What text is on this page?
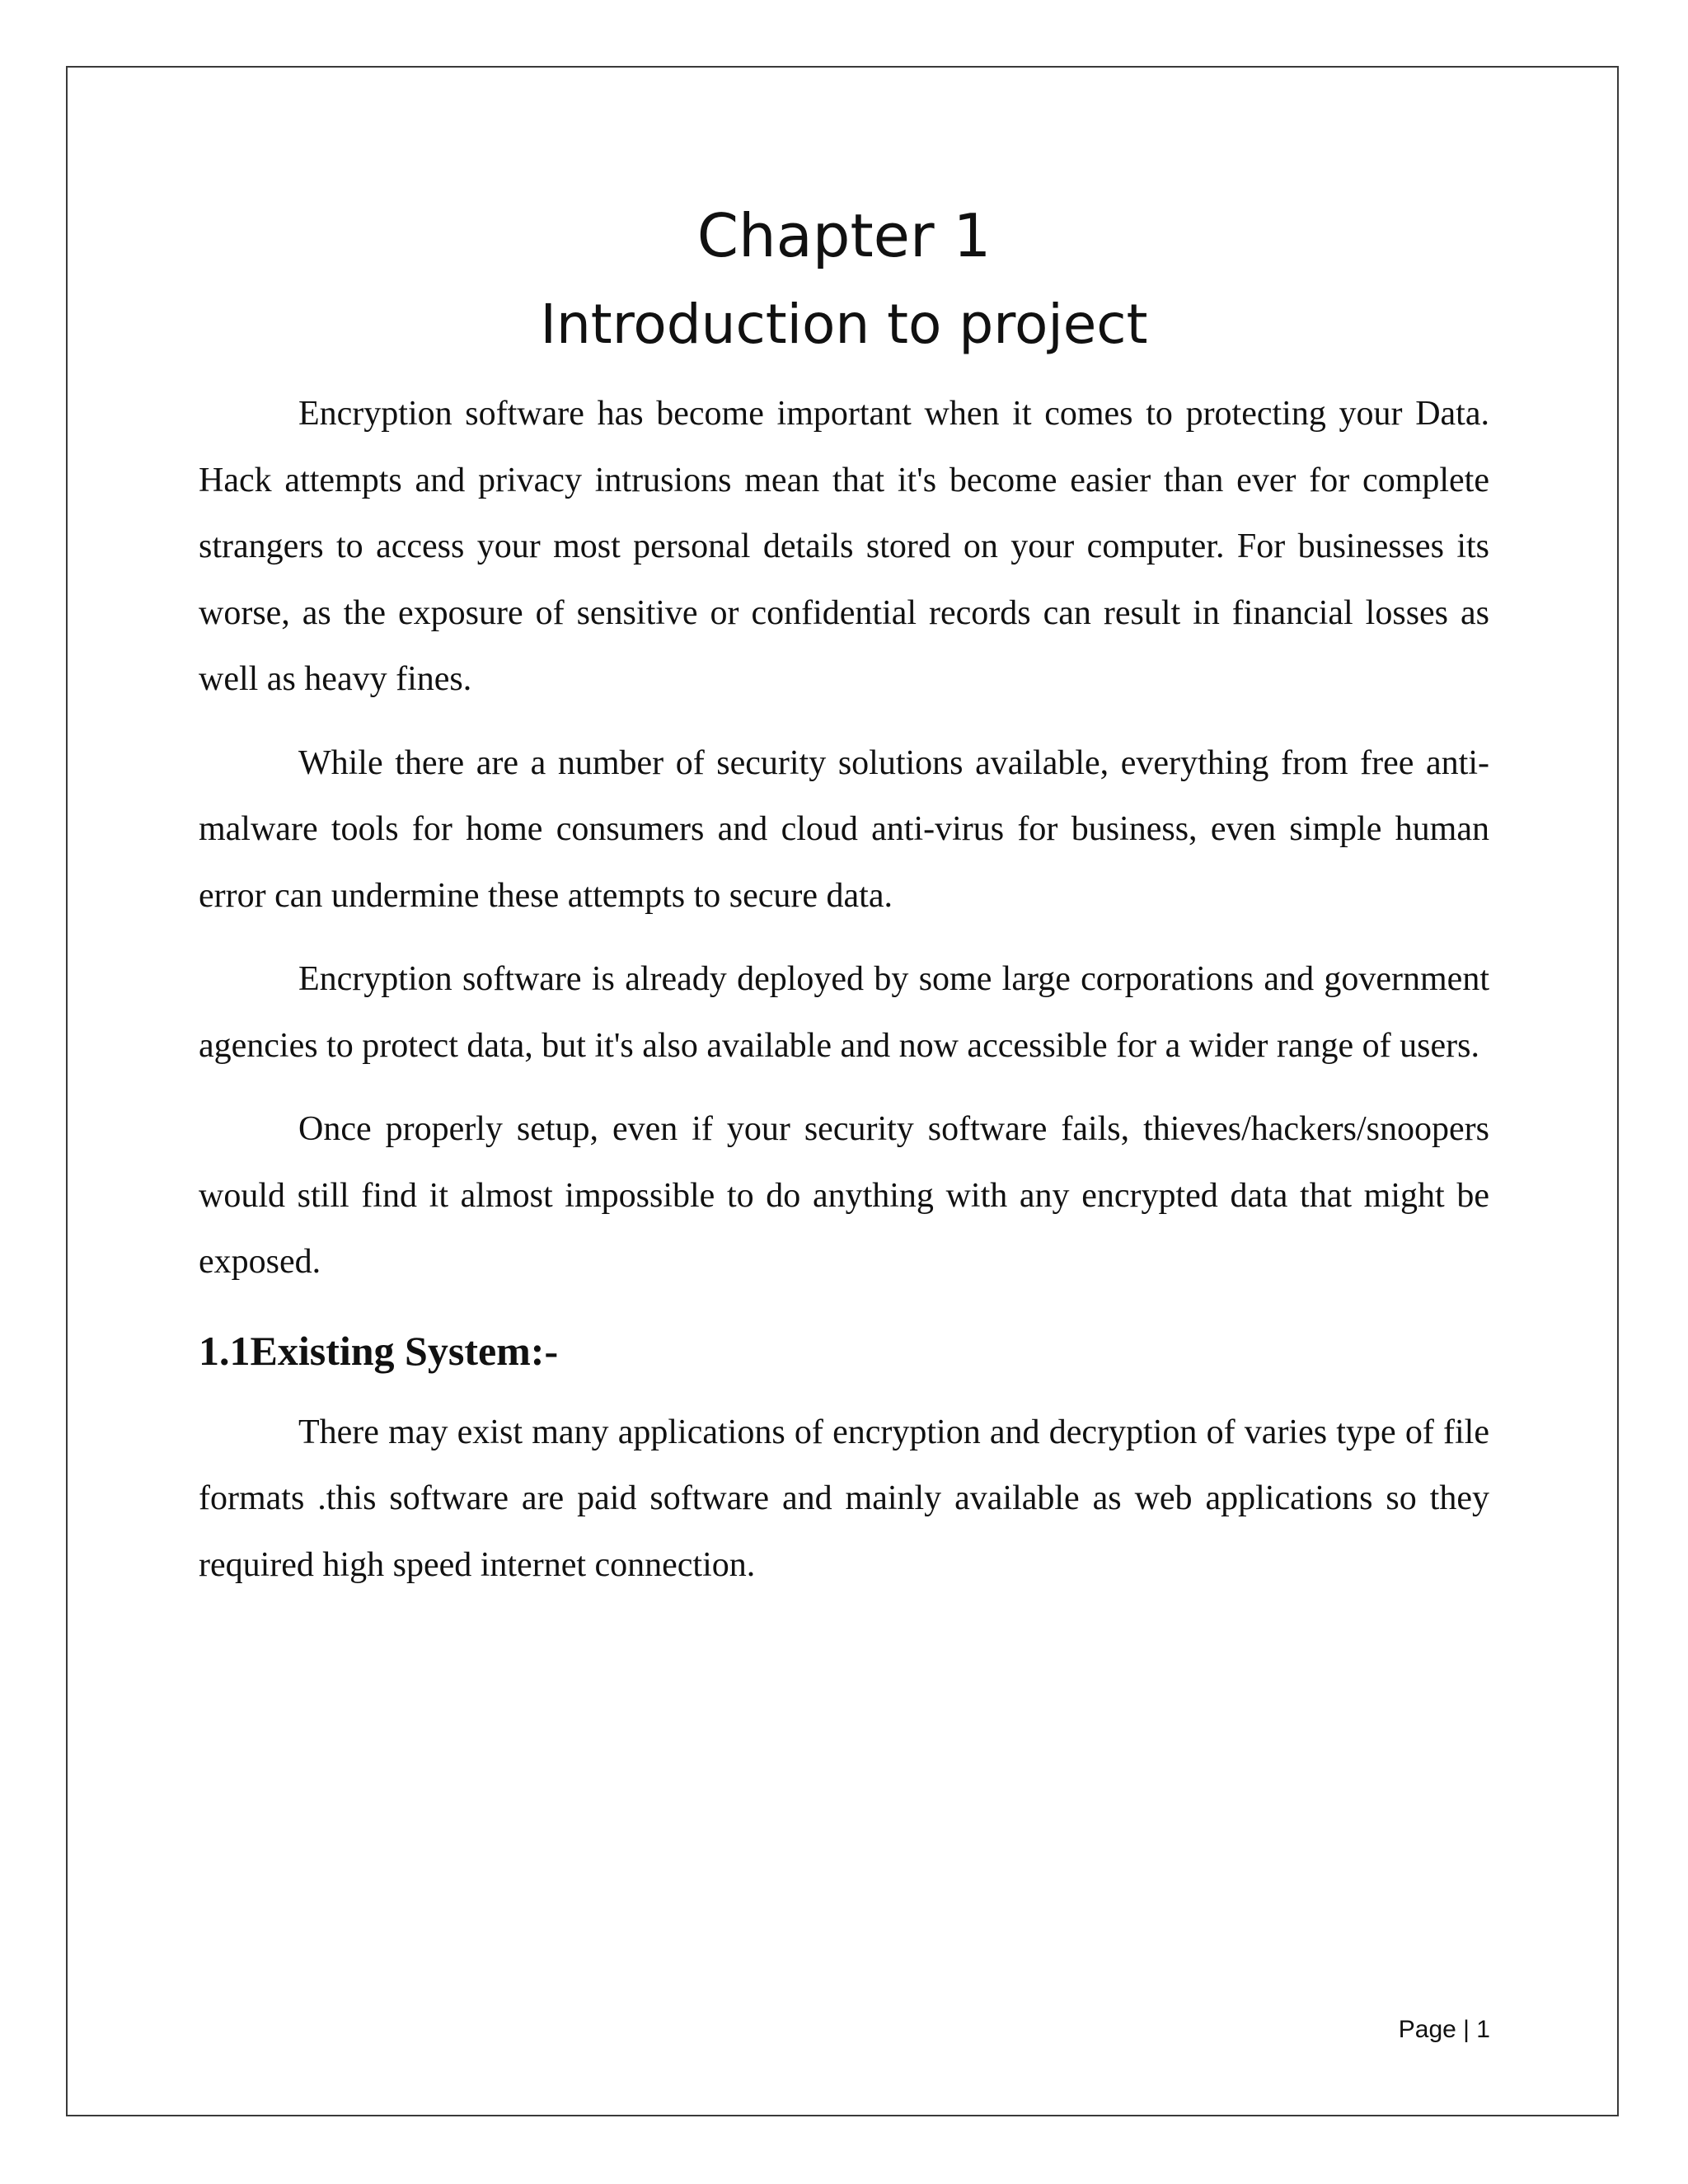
Chapter 1
Introduction to project

Encryption software has become important when it comes to protecting your Data. Hack attempts and privacy intrusions mean that it's become easier than ever for complete strangers to access your most personal details stored on your computer. For businesses its worse, as the exposure of sensitive or confidential records can result in financial losses as well as heavy fines.

While there are a number of security solutions available, everything from free anti-malware tools for home consumers and cloud anti-virus for business, even simple human error can undermine these attempts to secure data.

Encryption software is already deployed by some large corporations and government agencies to protect data, but it's also available and now accessible for a wider range of users.

Once properly setup, even if your security software fails, thieves/hackers/snoopers would still find it almost impossible to do anything with any encrypted data that might be exposed.

1.1Existing System:-

There may exist many applications of encryption and decryption of varies type of file formats .this software are paid software and mainly available as web applications so they required high speed internet connection.

Page | 1
